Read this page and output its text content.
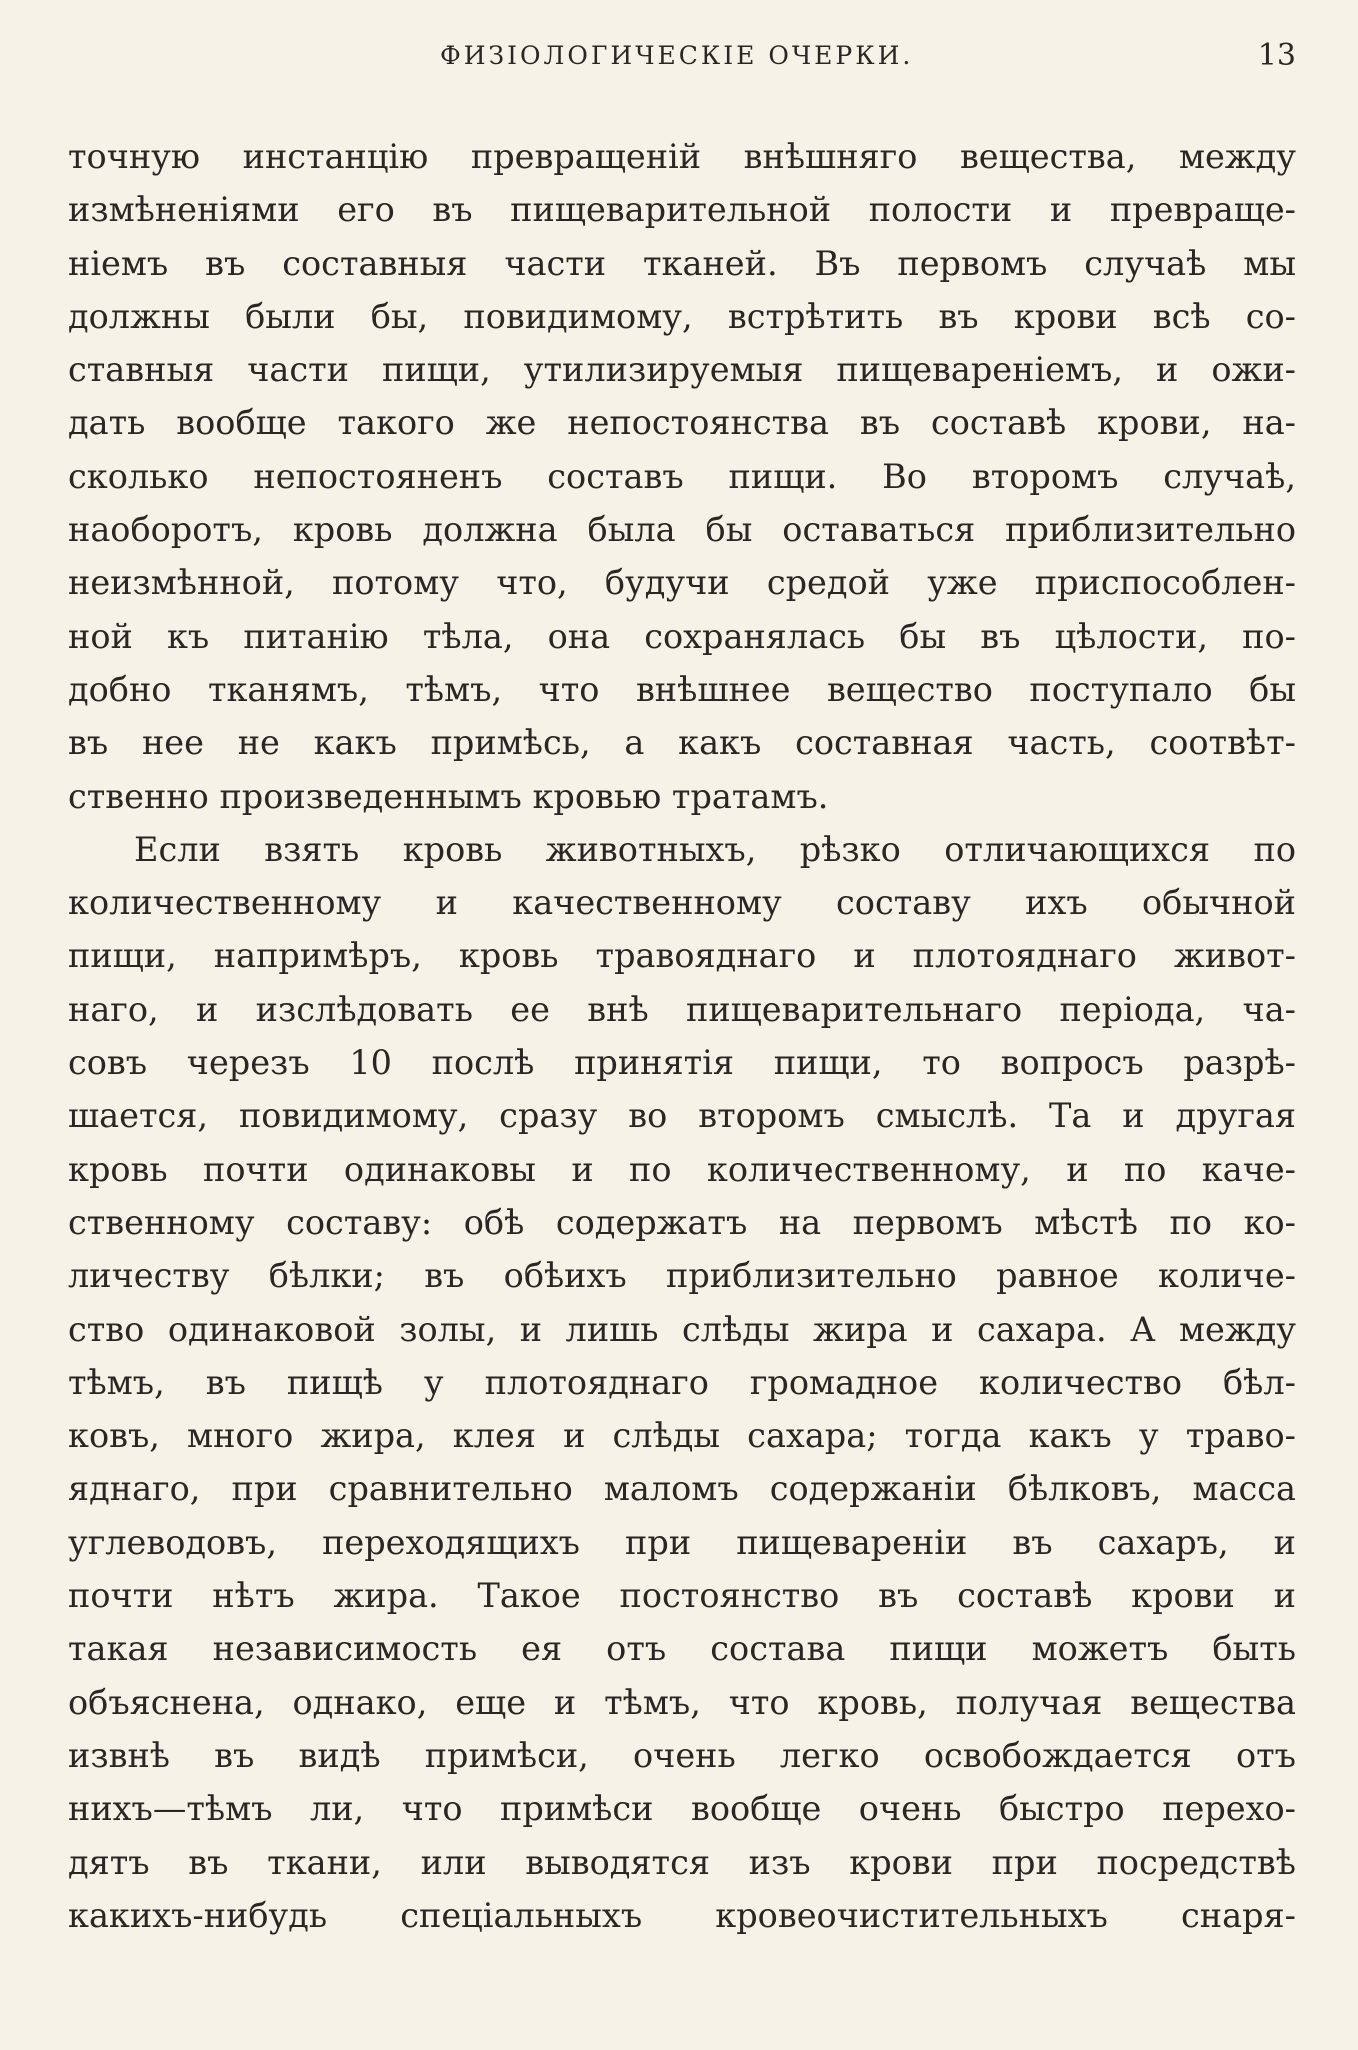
ФИЗІОЛОГИЧЕСКІЕ ОЧЕРКИ.	13
точную инстанцію превращеній внѣшняго вещества, между
измѣненіями его въ пищеварительной полости и превраще-
ніемъ въ составныя части тканей. Въ первомъ случаѣ мы
должны были бы, повидимому, встрѣтить въ крови всѣ со-
ставныя части пищи, утилизируемыя пищевареніемъ, и ожи-
дать вообще такого же непостоянства въ составѣ крови, на-
сколько непостояненъ составъ пищи. Во второмъ случаѣ,
наоборотъ, кровь должна была бы оставаться приблизительно
неизмѣнной, потому что, будучи средой уже приспособлен-
ной къ питанію тѣла, она сохранялась бы въ цѣлости, по-
добно тканямъ, тѣмъ, что внѣшнее вещество поступало бы
въ нее не какъ примѣсь, а какъ составная часть, соотвѣт-
ственно произведеннымъ кровью тратамъ.
Если взять кровь животныхъ, рѣзко отличающихся по
количественному и качественному составу ихъ обычной
пищи, напримѣръ, кровь травояднаго и плотояднаго живот-
наго, и изслѣдовать ее внѣ пищеварительнаго періода, ча-
совъ черезъ 10 послѣ принятія пищи, то вопросъ разрѣ-
шается, повидимому, сразу во второмъ смыслѣ. Та и другая
кровь почти одинаковы и по количественному, и по каче-
ственному составу: обѣ содержатъ на первомъ мѣстѣ по ко-
личеству бѣлки; въ обѣихъ приблизительно равное количе-
ство одинаковой золы, и лишь слѣды жира и сахара. А между
тѣмъ, въ пищѣ у плотояднаго громадное количество бѣл-
ковъ, много жира, клея и слѣды сахара; тогда какъ у траво-
яднаго, при сравнительно маломъ содержаніи бѣлковъ, масса
углеводовъ, переходящихъ при пищевареніи въ сахаръ, и
почти нѣтъ жира. Такое постоянство въ составѣ крови и
такая независимость ея отъ состава пищи можетъ быть
объяснена, однако, еще и тѣмъ, что кровь, получая вещества
извнѣ въ видѣ примѣси, очень легко освобождается отъ
нихъ—тѣмъ ли, что примѣси вообще очень быстро перехо-
дятъ въ ткани, или выводятся изъ крови при посредствѣ
какихъ-нибудь спеціальныхъ кровеочистительныхъ снаря-
